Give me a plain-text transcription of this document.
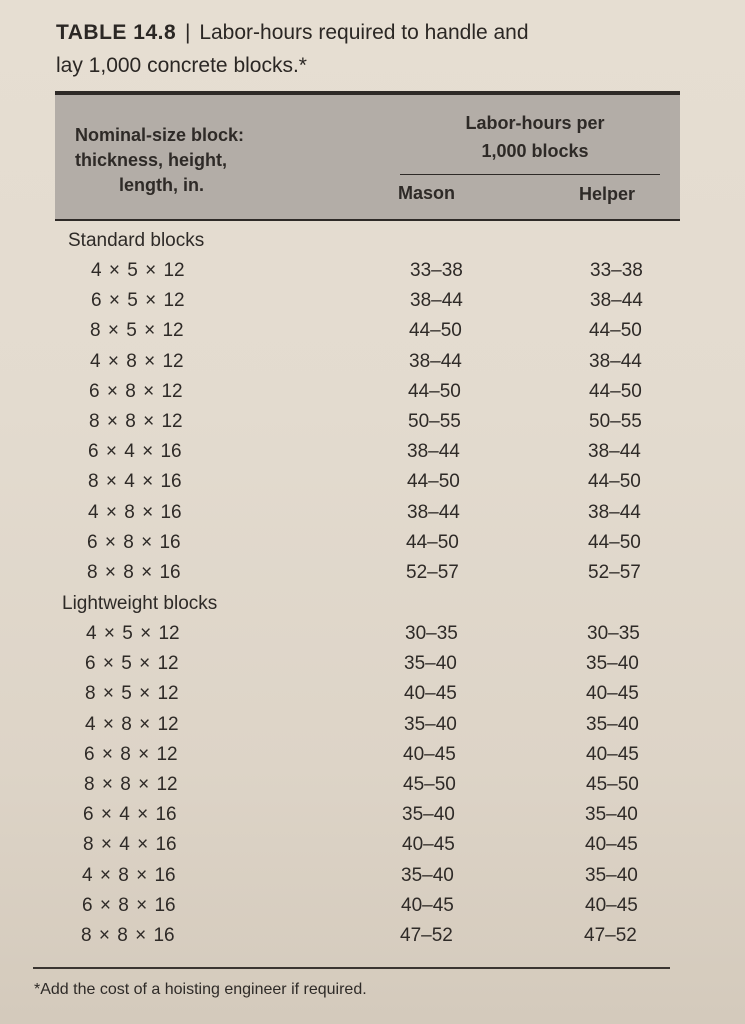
TABLE 14.8 | Labor-hours required to handle and
lay 1,000 concrete blocks.*
Nominal-size block:
thickness, height,
length, in.
Labor-hours per
1,000 blocks
Mason	Helper
Standard blocks
4 × 5 × 12	33–38	33–38
6 × 5 × 12	38–44	38–44
8 × 5 × 12	44–50	44–50
4 × 8 × 12	38–44	38–44
6 × 8 × 12	44–50	44–50
8 × 8 × 12	50–55	50–55
6 × 4 × 16	38–44	38–44
8 × 4 × 16	44–50	44–50
4 × 8 × 16	38–44	38–44
6 × 8 × 16	44–50	44–50
8 × 8 × 16	52–57	52–57
Lightweight blocks
4 × 5 × 12	30–35	30–35
6 × 5 × 12	35–40	35–40
8 × 5 × 12	40–45	40–45
4 × 8 × 12	35–40	35–40
6 × 8 × 12	40–45	40–45
8 × 8 × 12	45–50	45–50
6 × 4 × 16	35–40	35–40
8 × 4 × 16	40–45	40–45
4 × 8 × 16	35–40	35–40
6 × 8 × 16	40–45	40–45
8 × 8 × 16	47–52	47–52
*Add the cost of a hoisting engineer if required.
